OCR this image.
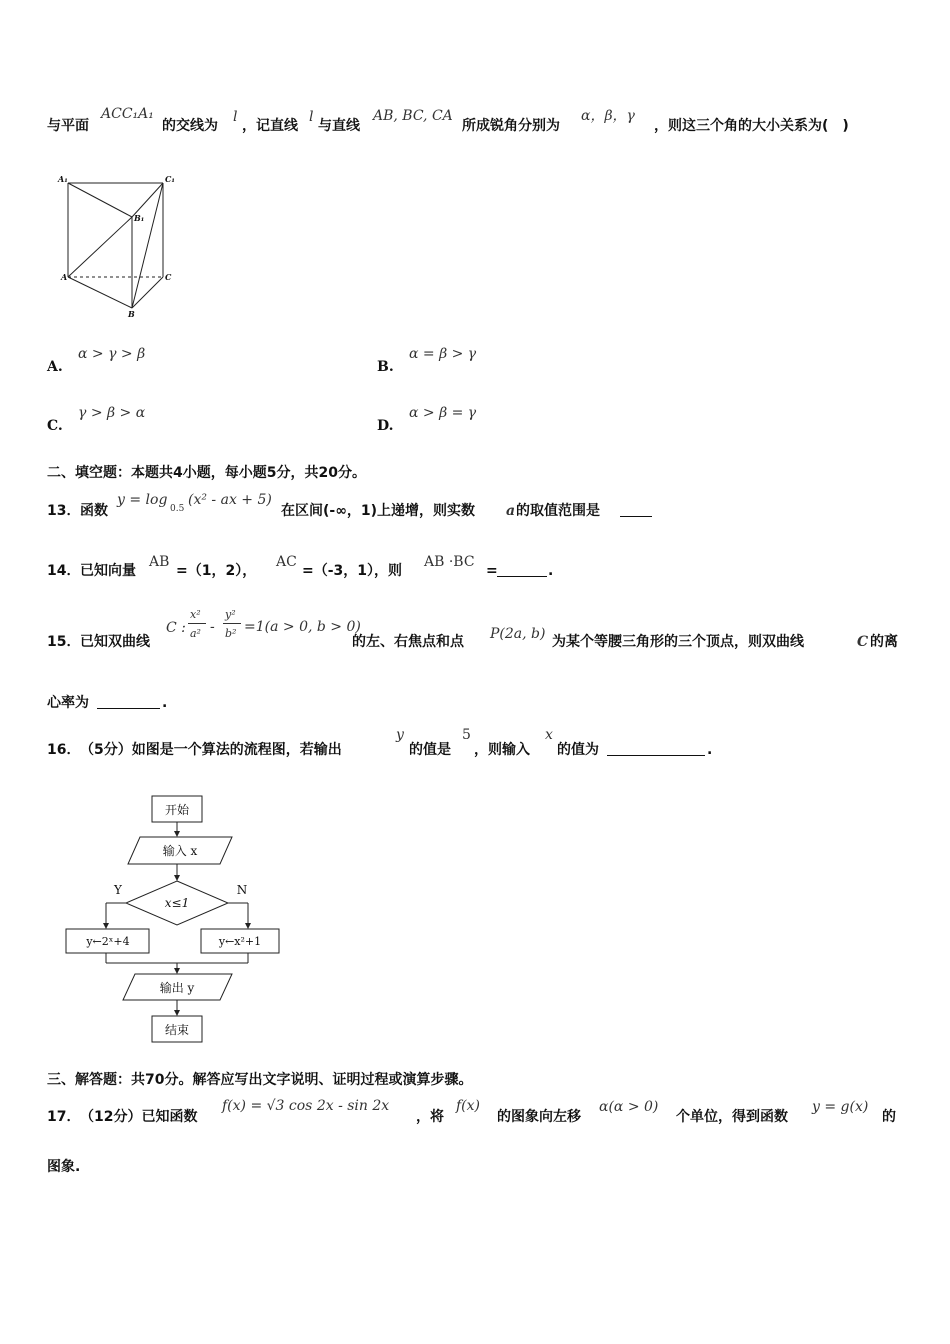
与平面
ACC₁A₁
的交线为
l
，记直线
l
与直线
AB, BC, CA
所成锐角分别为
α，β，γ
，则这三个角的大小关系为(　)
A₁	C₁
B₁
A	C
B
A.
α > γ > β
B.
α = β > γ
C.
γ > β > α
D.
α > β = γ
二、填空题：本题共4小题，每小题5分，共20分。
13． 函数
y = log
0.5
(x² - ax + 5)
在区间(-∞，1)上递增，则实数 a 的取值范围是
14． 已知向量
AB
=（1，2），
AC
=（-3，1），则
AB ·BC
=	.
15． 已知双曲线
C :
x²
a² -
y²
b² =1(a > 0, b > 0)
的左、右焦点和点 P(2a, b) 为某个等腰三角形的三个顶点，则双曲线	C 的离
心率为	.
16． （5分）如图是一个算法的流程图，若输出
y
的值是
5
，则输入
x
的值为	.
开始
输入 x
x≤1
Y	N
y←2ˣ+4	y←x²+1
输出 y
结束
三、解答题：共70分。解答应写出文字说明、证明过程或演算步骤。
17． （12分）已知函数
f(x) = √3 cos 2x - sin 2x
，将
f(x)
的图象向左移
α(α > 0)
个单位，得到函数
y = g(x)
的
图象.
